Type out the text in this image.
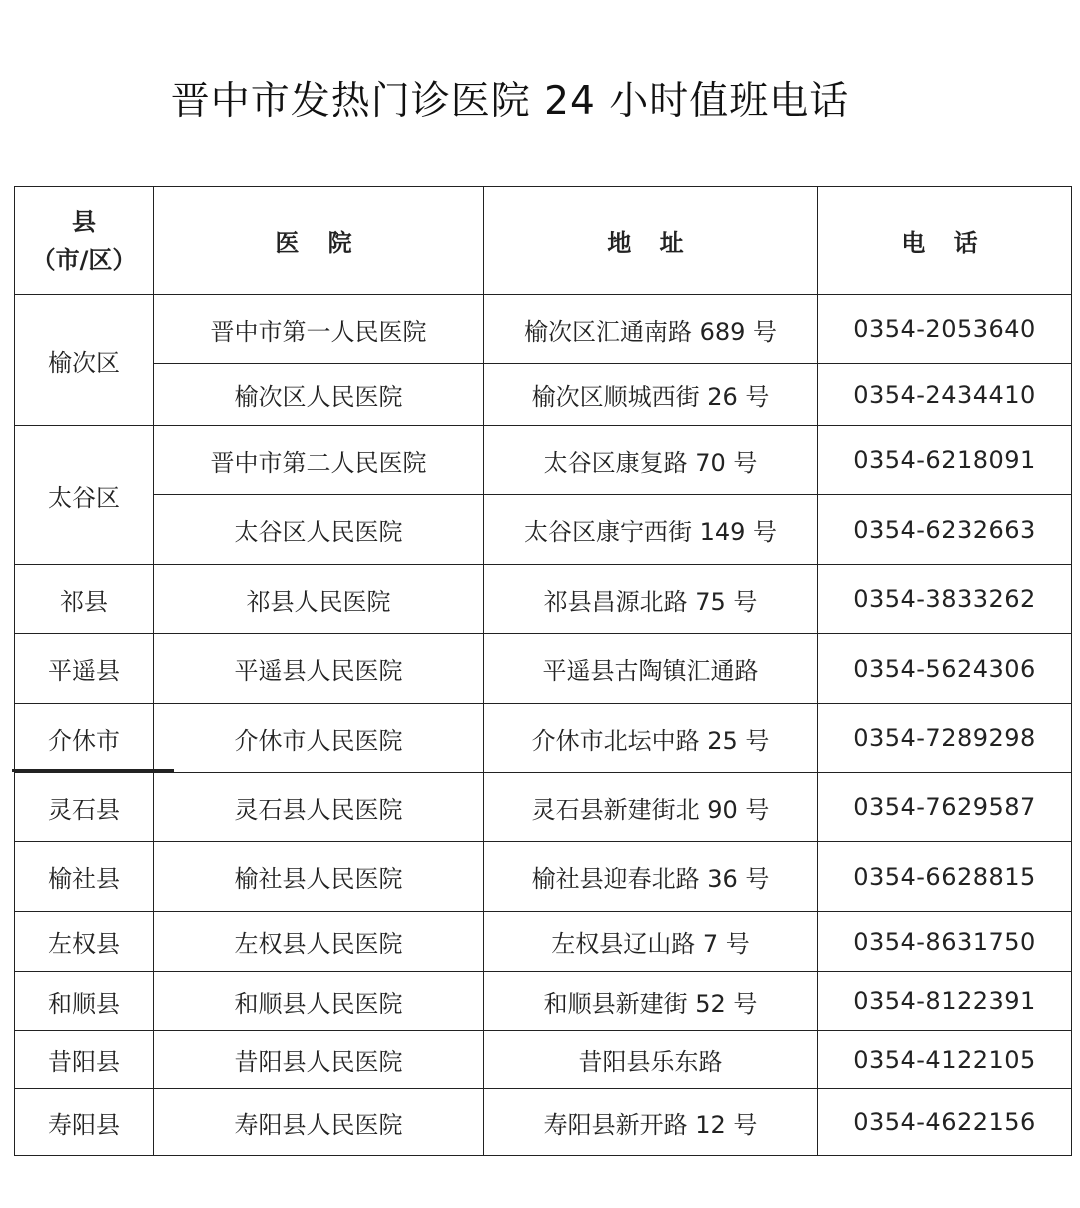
晋中市发热门诊医院 24 小时值班电话
县
（市/区）	医 院	地 址	电 话
榆次区	晋中市第一人民医院	榆次区汇通南路 689 号	0354-2053640
	榆次区人民医院	榆次区顺城西街 26 号	0354-2434410
太谷区	晋中市第二人民医院	太谷区康复路 70 号	0354-6218091
	太谷区人民医院	太谷区康宁西街 149 号	0354-6232663
祁县	祁县人民医院	祁县昌源北路 75 号	0354-3833262
平遥县	平遥县人民医院	平遥县古陶镇汇通路	0354-5624306
介休市	介休市人民医院	介休市北坛中路 25 号	0354-7289298
灵石县	灵石县人民医院	灵石县新建街北 90 号	0354-7629587
榆社县	榆社县人民医院	榆社县迎春北路 36 号	0354-6628815
左权县	左权县人民医院	左权县辽山路 7 号	0354-8631750
和顺县	和顺县人民医院	和顺县新建街 52 号	0354-8122391
昔阳县	昔阳县人民医院	昔阳县乐东路	0354-4122105
寿阳县	寿阳县人民医院	寿阳县新开路 12 号	0354-4622156
